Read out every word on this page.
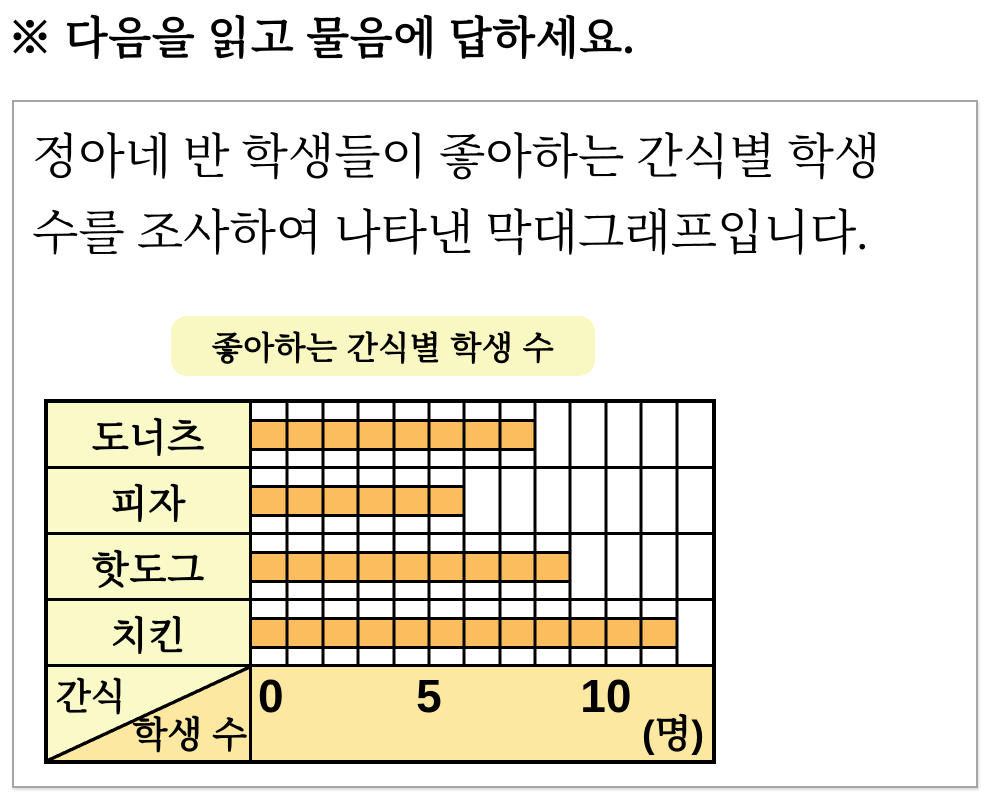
※ 다음을 읽고 물음에 답하세요.
정아네 반 학생들이 좋아하는 간식별 학생
수를 조사하여 나타낸 막대그래프입니다.
좋아하는 간식별 학생 수
도너츠
피자
핫도그
치킨
간식
학생 수
0	5	10
(명)
